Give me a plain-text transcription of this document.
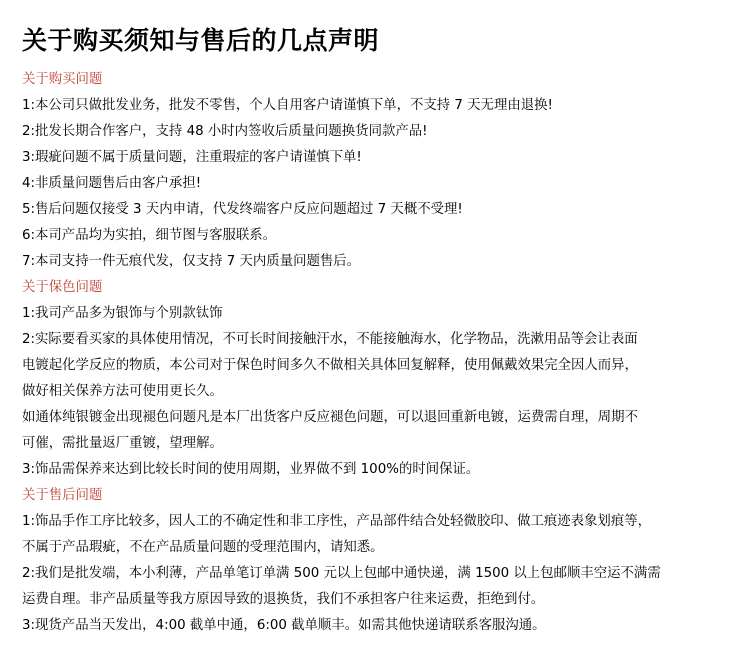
关于购买须知与售后的几点声明
关于购买问题
1:本公司只做批发业务，批发不零售，个人自用客户请谨慎下单，不支持 7 天无理由退换!
2:批发长期合作客户，支持 48 小时内签收后质量问题换货同款产品!
3:瑕疵问题不属于质量问题，注重瑕症的客户请谨慎下单!
4:非质量问题售后由客户承担!
5:售后问题仅接受 3 天内申请，代发终端客户反应问题超过 7 天概不受理!
6:本司产品均为实拍，细节图与客服联系。
7:本司支持一件无痕代发，仅支持 7 天内质量问题售后。
关于保色问题
1:我司产品多为银饰与个别款钛饰
2:实际要看买家的具体使用情况，不可长时间接触汗水，不能接触海水，化学物品，洗漱用品等会让表面
电镀起化学反应的物质，本公司对于保色时间多久不做相关具体回复解释，使用佩戴效果完全因人而异，
做好相关保养方法可使用更长久。
如通体纯银镀金出现褪色问题凡是本厂出货客户反应褪色问题，可以退回重新电镀，运费需自理，周期不
可催，需批量返厂重镀，望理解。
3:饰品需保养来达到比较长时间的使用周期，业界做不到 100%的时间保证。
关于售后问题
1:饰品手作工序比较多，因人工的不确定性和非工序性，产品部件结合处轻微胶印、做工痕迹表象划痕等，
不属于产品瑕疵，不在产品质量问题的受理范围内，请知悉。
2:我们是批发端，本小利薄，产品单笔订单满 500 元以上包邮中通快递，满 1500 以上包邮顺丰空运不满需
运费自理。非产品质量等我方原因导致的退换货，我们不承担客户往来运费，拒绝到付。
3:现货产品当天发出，4:00 截单中通，6:00 截单顺丰。如需其他快递请联系客服沟通。
